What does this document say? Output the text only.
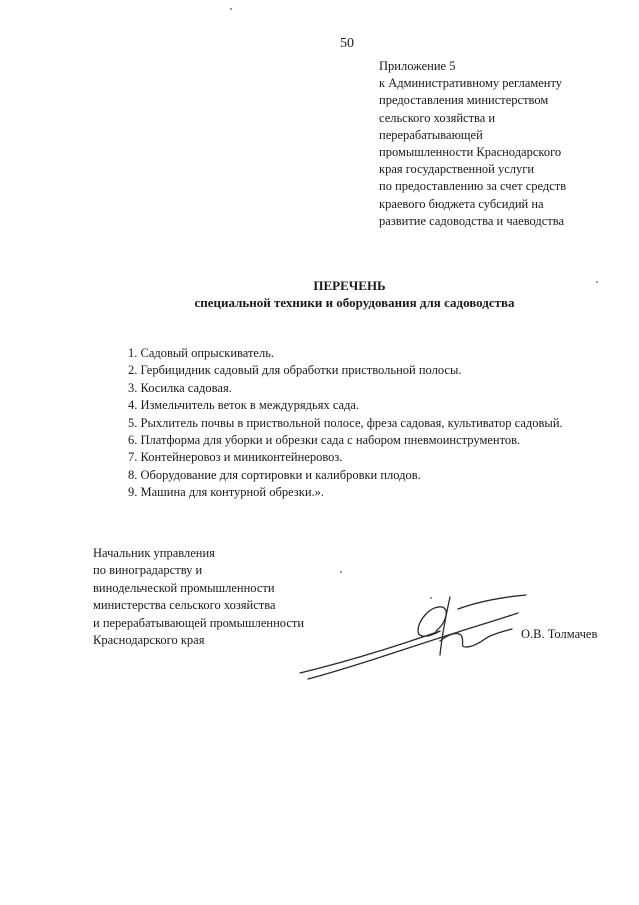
50
Приложение 5
к Административному регламенту
предоставления министерством
сельского хозяйства и
перерабатывающей
промышленности Краснодарского
края государственной услуги
по предоставлению за счет средств
краевого бюджета субсидий на
развитие садоводства и чаеводства
ПЕРЕЧЕНЬ
специальной техники и оборудования для садоводства
1. Садовый опрыскиватель.
2. Гербицидник садовый для обработки приствольной полосы.
3. Косилка садовая.
4. Измельчитель веток в междурядьях сада.
5. Рыхлитель почвы в приствольной полосе, фреза садовая, культиватор садовый.
6. Платформа для уборки и обрезки сада с набором пневмоинструментов.
7. Контейнеровоз и миниконтейнеровоз.
8. Оборудование для сортировки и калибровки плодов.
9. Машина для контурной обрезки.».
Начальник управления
по виноградарству и
винодельческой промышленности
министерства сельского хозяйства
и перерабатывающей промышленности
Краснодарского края	О.В. Толмачев
